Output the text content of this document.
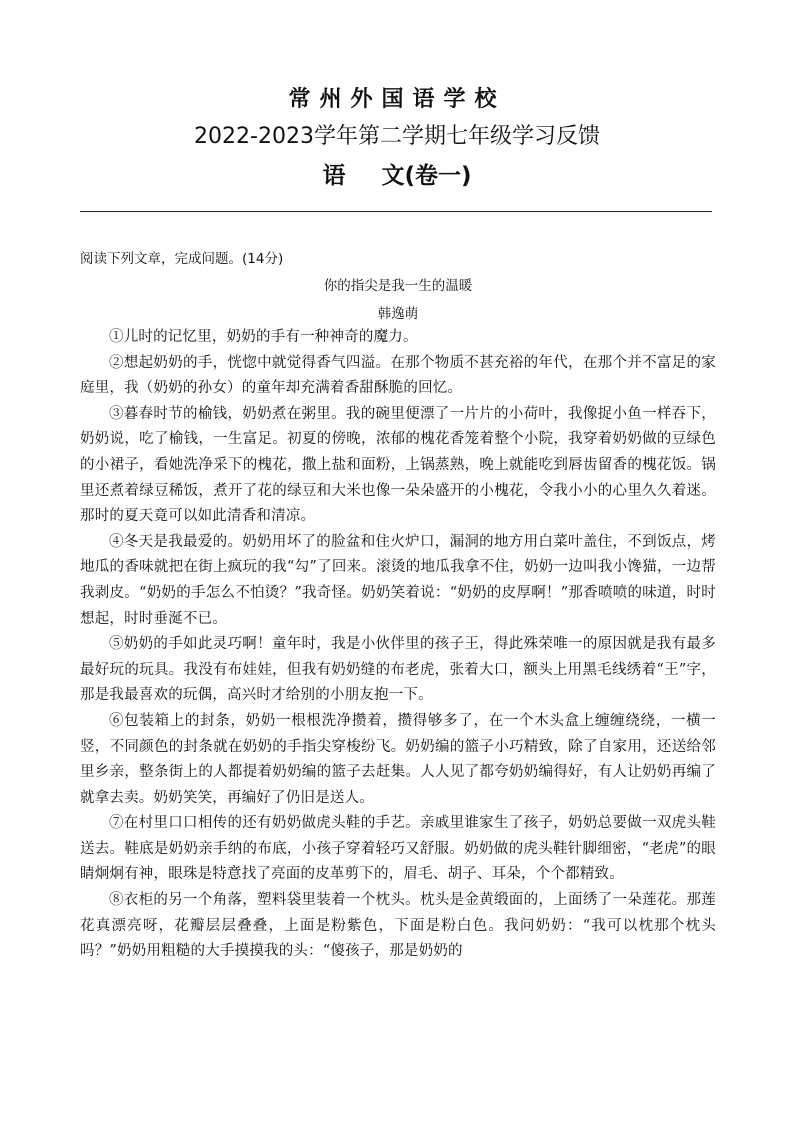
常州外国语学校
2022-2023学年第二学期七年级学习反馈
语 文(卷一)
阅读下列文章，完成问题。(14分)
你的指尖是我一生的温暖
韩逸萌

①儿时的记忆里，奶奶的手有一种神奇的魔力。

②想起奶奶的手，恍惚中就觉得香气四溢。在那个物质不甚充裕的年代，在那个并不富足的家庭里，我（奶奶的孙女）的童年却充满着香甜酥脆的回忆。

③暮春时节的榆钱，奶奶煮在粥里。我的碗里便漂了一片片的小荷叶，我像捉小鱼一样吞下，奶奶说，吃了榆钱，一生富足。初夏的傍晚，浓郁的槐花香笼着整个小院，我穿着奶奶做的豆绿色的小裙子，看她洗净采下的槐花，撒上盐和面粉，上锅蒸熟，晚上就能吃到唇齿留香的槐花饭。锅里还煮着绿豆稀饭，煮开了花的绿豆和大米也像一朵朵盛开的小槐花，令我小小的心里久久着迷。那时的夏天竟可以如此清香和清凉。

④冬天是我最爱的。奶奶用坏了的脸盆和住火炉口，漏洞的地方用白菜叶盖住，不到饭点，烤地瓜的香味就把在街上疯玩的我“勾”了回来。滚烫的地瓜我拿不住，奶奶一边叫我小馋猫，一边帮我剥皮。“奶奶的手怎么不怕烫？”我奇怪。奶奶笑着说：“奶奶的皮厚啊！”那香喷喷的味道，时时想起，时时垂涎不已。

⑤奶奶的手如此灵巧啊！童年时，我是小伙伴里的孩子王，得此殊荣唯一的原因就是我有最多最好玩的玩具。我没有布娃娃，但我有奶奶缝的布老虎，张着大口，额头上用黑毛线绣着“王”字，那是我最喜欢的玩偶，高兴时才给别的小朋友抱一下。

⑥包装箱上的封条，奶奶一根根洗净攒着，攒得够多了，在一个木头盒上缠缠绕绕，一横一竖，不同颜色的封条就在奶奶的手指尖穿梭纷飞。奶奶编的篮子小巧精致，除了自家用，还送给邻里乡亲，整条街上的人都提着奶奶编的篮子去赶集。人人见了都夸奶奶编得好，有人让奶奶再编了就拿去卖。奶奶笑笑，再编好了仍旧是送人。

⑦在村里口口相传的还有奶奶做虎头鞋的手艺。亲戚里谁家生了孩子，奶奶总要做一双虎头鞋送去。鞋底是奶奶亲手纳的布底，小孩子穿着轻巧又舒服。奶奶做的虎头鞋针脚细密，“老虎”的眼睛炯炯有神，眼珠是特意找了亮面的皮革剪下的，眉毛、胡子、耳朵，个个都精致。

⑧衣柜的另一个角落，塑料袋里装着一个枕头。枕头是金黄缎面的，上面绣了一朵莲花。那莲花真漂亮呀，花瓣层层叠叠，上面是粉紫色，下面是粉白色。我问奶奶：“我可以枕那个枕头吗？”奶奶用粗糙的大手摸摸我的头：“傻孩子，那是奶奶的
